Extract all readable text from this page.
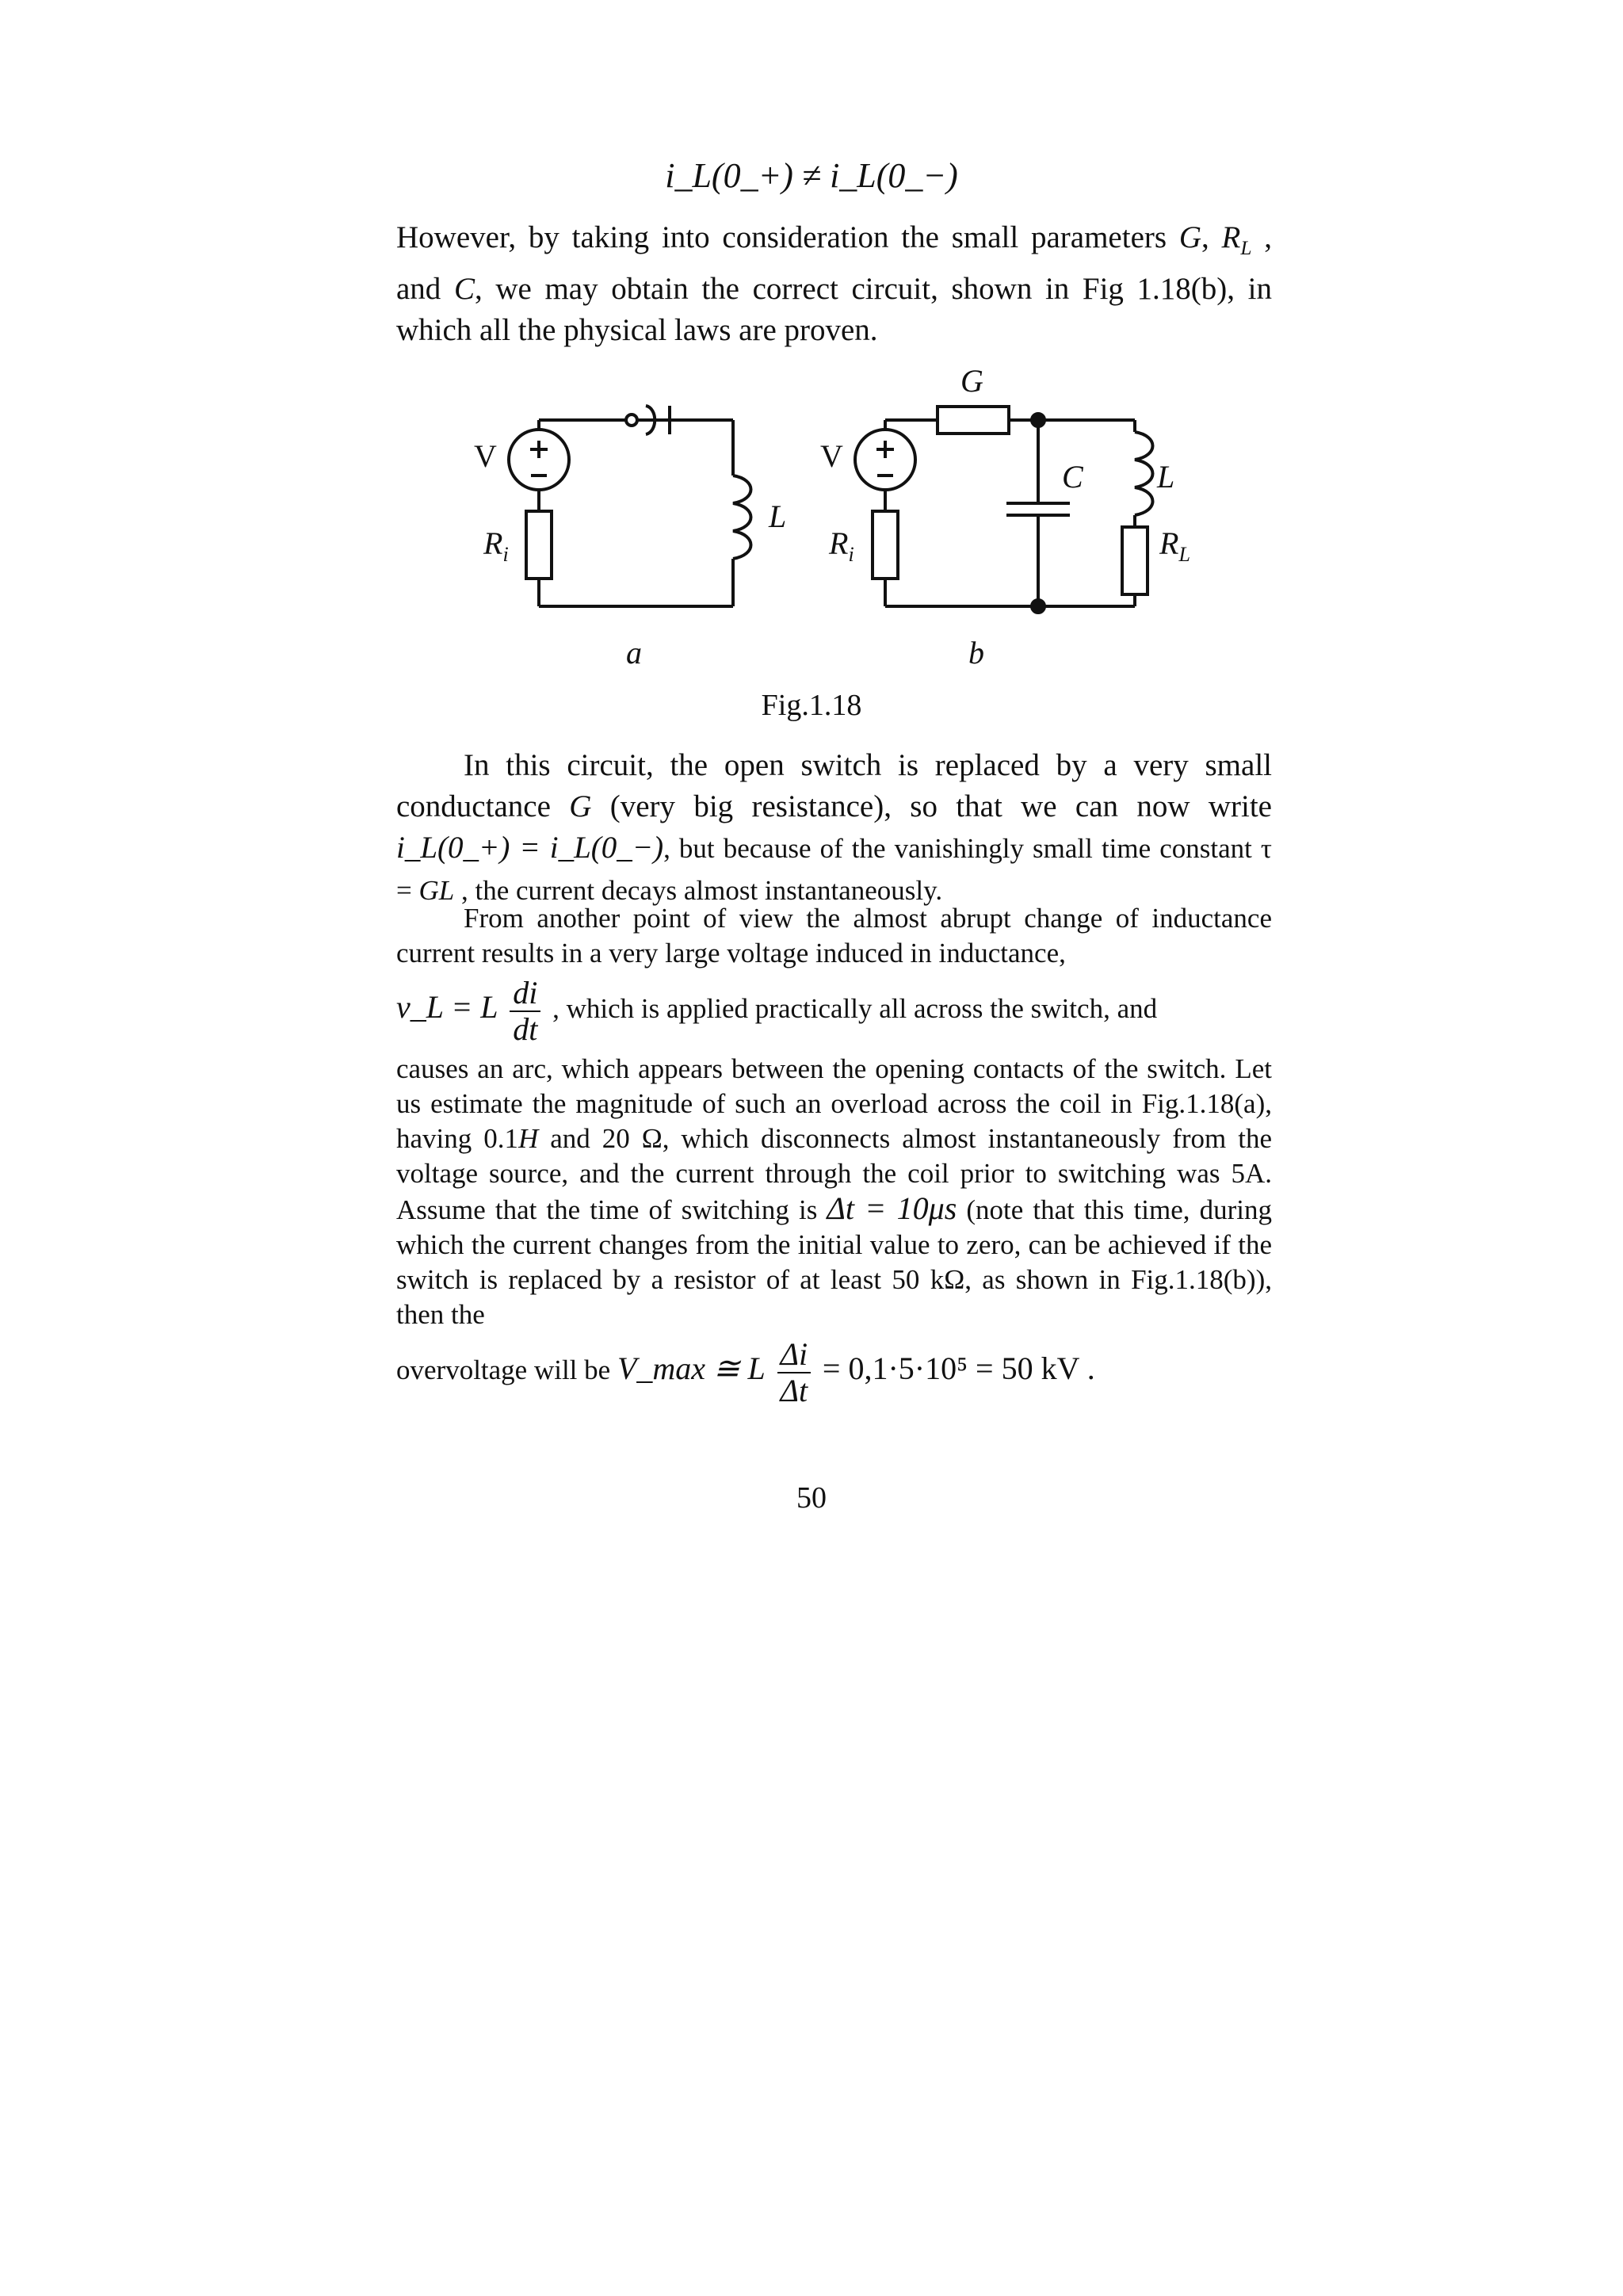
i_L(0_+) ≠ i_L(0_−)
However, by taking into consideration the small parameters G, $R_L$ , and C, we may obtain the correct circuit, shown in Fig 1.18(b), in which all the physical laws are proven.
V
$R_i$
L
a
V
$R_i$
G
C L
$R_L$
b
Fig.1.18
In this circuit, the open switch is replaced by a very small conductance G (very big resistance), so that we can now write i_L(0_+) = i_L(0_−), but because of the vanishingly small time constant τ = GL , the current decays almost instantaneously.
From another point of view the almost abrupt change of inductance current results in a very large voltage induced in inductance,
v_L = L $\frac{di}{dt}$ , which is applied practically all across the switch, and
causes an arc, which appears between the opening contacts of the switch. Let us estimate the magnitude of such an overload across the coil in Fig.1.18(a), having 0.1H and 20 Ω, which disconnects almost instantaneously from the voltage source, and the current through the coil prior to switching was 5A. Assume that the time of switching is Δt = 10μs (note that this time, during which the current changes from the initial value to zero, can be achieved if the switch is replaced by a resistor of at least 50 kΩ, as shown in Fig.1.18(b)), then the
overvoltage will be V_max ≅ L $\frac{\Delta i}{\Delta t} = 0,1\cdot 5\cdot 10^5 = 50$ kV .
50
